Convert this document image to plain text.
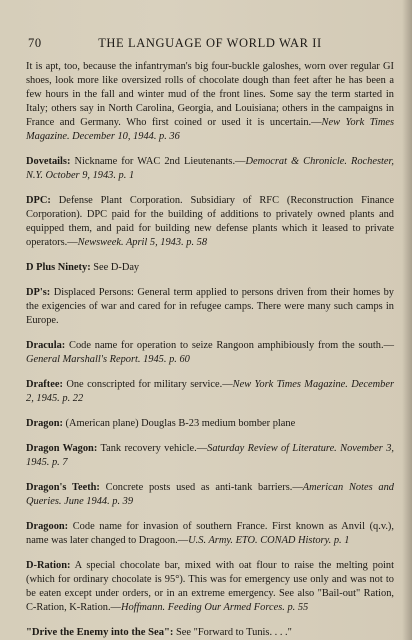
70	THE LANGUAGE OF WORLD WAR II

It is apt, too, because the infantryman's big four-buckle galoshes, worn over regular GI shoes, look more like oversized rolls of chocolate dough than feet after he has been a few hours in the fall and winter mud of the front lines. Some say the term started in Italy; others say in North Carolina, Georgia, and Louisiana; others in the campaigns in France and Germany. Who first coined or used it is uncertain.—New York Times Magazine. December 10, 1944. p. 36

Dovetails: Nickname for WAC 2nd Lieutenants.—Democrat & Chronicle. Rochester, N.Y. October 9, 1943. p. 1

DPC: Defense Plant Corporation. Subsidiary of RFC (Reconstruction Finance Corporation). DPC paid for the building of additions to privately owned plants and equipped them, and paid for building new defense plants which it leased to private operators.—Newsweek. April 5, 1943. p. 58

D Plus Ninety: See D-Day

DP's: Displaced Persons: General term applied to persons driven from their homes by the exigencies of war and cared for in refugee camps. There were many such camps in Europe.

Dracula: Code name for operation to seize Rangoon amphibiously from the south.—General Marshall's Report. 1945. p. 60

Draftee: One conscripted for military service.—New York Times Magazine. December 2, 1945. p. 22

Dragon: (American plane) Douglas B-23 medium bomber plane

Dragon Wagon: Tank recovery vehicle.—Saturday Review of Literature. November 3, 1945. p. 7

Dragon's Teeth: Concrete posts used as anti-tank barriers.—American Notes and Queries. June 1944. p. 39

Dragoon: Code name for invasion of southern France. First known as Anvil (q.v.), name was later changed to Dragoon.—U.S. Army. ETO. CONAD History. p. 1

D-Ration: A special chocolate bar, mixed with oat flour to raise the melting point (which for ordinary chocolate is 95°). This was for emergency use only and was not to be eaten except under orders, or in an extreme emergency. See also "Bail-out" Ration, C-Ration, K-Ration.—Hoffmann. Feeding Our Armed Forces. p. 55

"Drive the Enemy into the Sea": See "Forward to Tunis. . . ."
